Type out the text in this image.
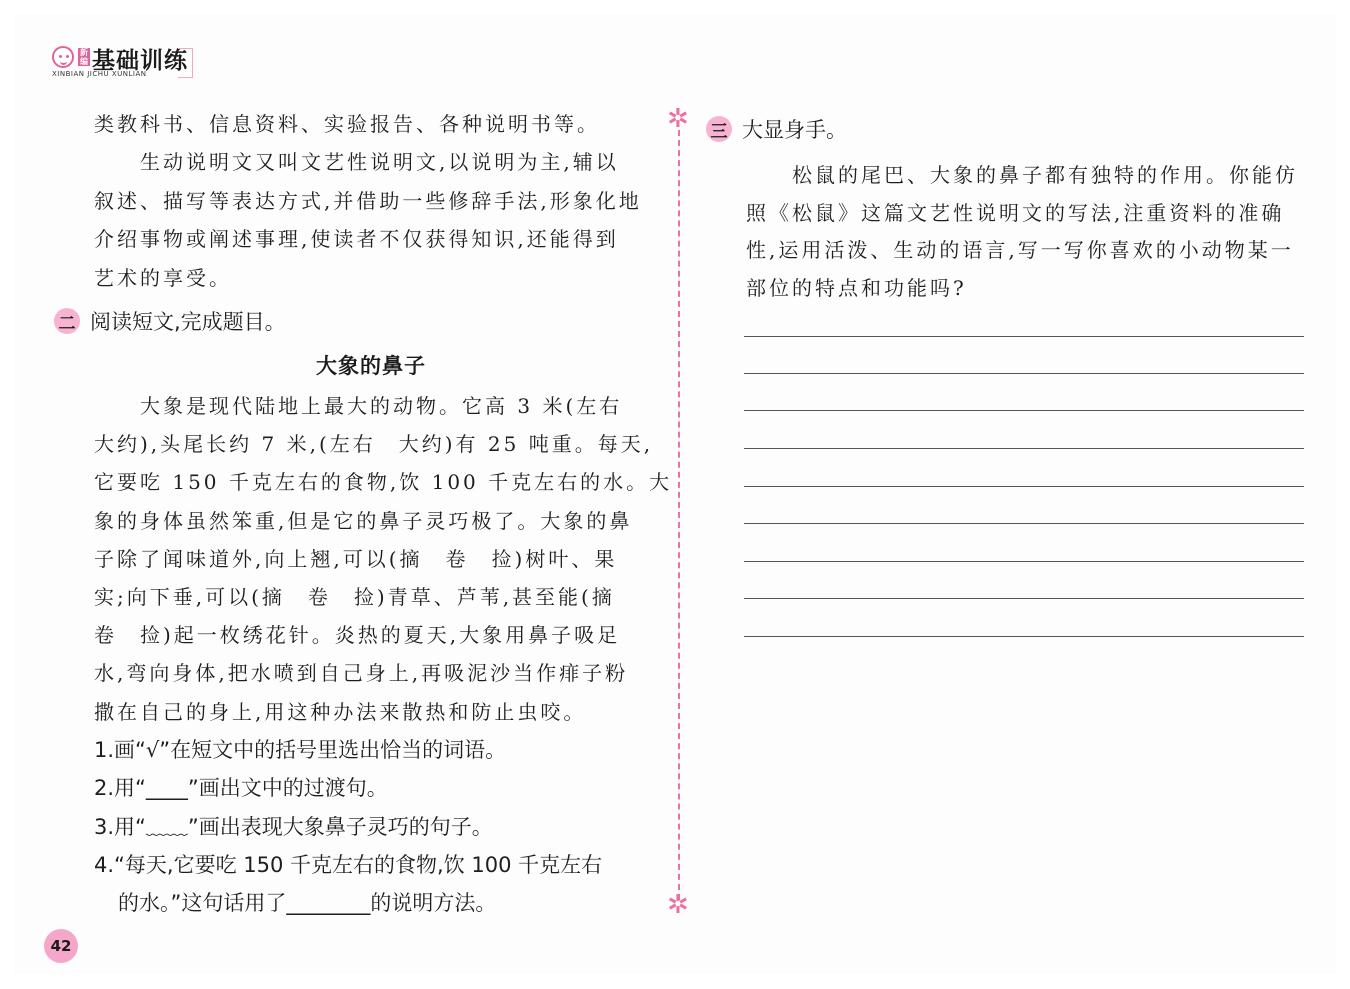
新编 基础训练
XINBIAN JICHU XUNLIAN
类教科书、信息资料、实验报告、各种说明书等。
生动说明文又叫文艺性说明文,以说明为主,辅以
叙述、描写等表达方式,并借助一些修辞手法,形象化地
介绍事物或阐述事理,使读者不仅获得知识,还能得到
艺术的享受。
二 阅读短文,完成题目。
大象的鼻子
大象是现代陆地上最大的动物。它高 3 米(左右
大约),头尾长约 7 米,(左右　大约)有 25 吨重。每天,
它要吃 150 千克左右的食物,饮 100 千克左右的水。大
象的身体虽然笨重,但是它的鼻子灵巧极了。大象的鼻
子除了闻味道外,向上翘,可以(摘　卷　捡)树叶、果
实;向下垂,可以(摘　卷　捡)青草、芦苇,甚至能(摘
卷　捡)起一枚绣花针。炎热的夏天,大象用鼻子吸足
水,弯向身体,把水喷到自己身上,再吸泥沙当作痱子粉
撒在自己的身上,用这种办法来散热和防止虫咬。
1.画“√”在短文中的括号里选出恰当的词语。
2.用“____”画出文中的过渡句。
3.用“﹏﹏”画出表现大象鼻子灵巧的句子。
4.“每天,它要吃 150 千克左右的食物,饮 100 千克左右
的水。”这句话用了________的说明方法。
✲
✲
三 大显身手。
松鼠的尾巴、大象的鼻子都有独特的作用。你能仿
照《松鼠》这篇文艺性说明文的写法,注重资料的准确
性,运用活泼、生动的语言,写一写你喜欢的小动物某一
部位的特点和功能吗?
42
